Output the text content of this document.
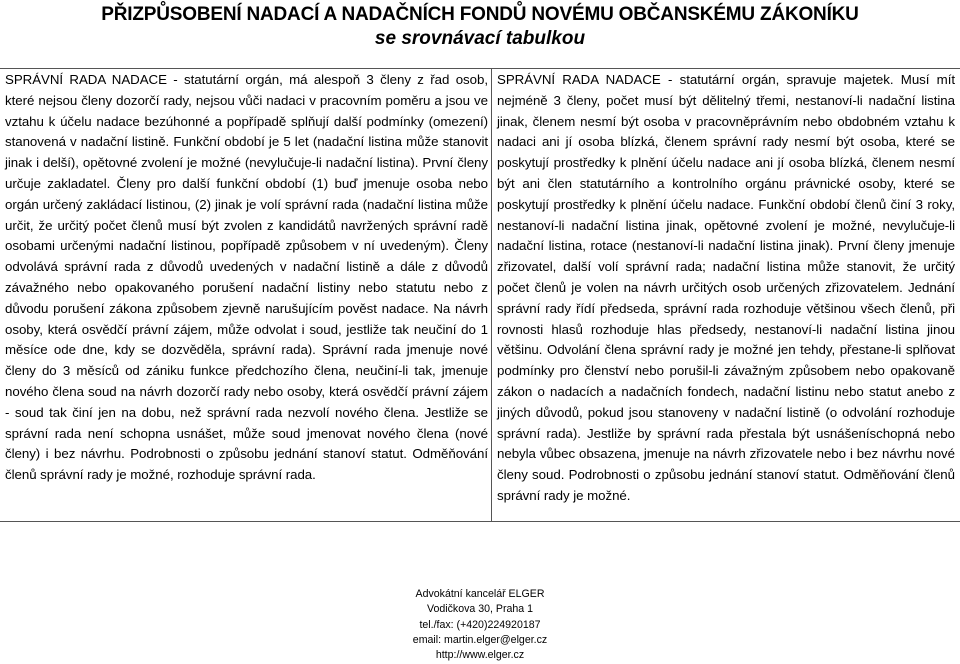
PŘIZPŮSOBENÍ NADACÍ A NADAČNÍCH FONDŮ NOVÉMU OBČANSKÉMU ZÁKONÍKU
se srovnávací tabulkou

SPRÁVNÍ RADA NADACE - statutární orgán, má alespoň 3 členy z řad osob, které nejsou členy dozorčí rady, nejsou vůči nadaci v pracovním poměru a jsou ve vztahu k účelu nadace bezúhonné a popřípadě splňují další podmínky (omezení) stanovená v nadační listině. Funkční období je 5 let (nadační listina může stanovit jinak i delší), opětovné zvolení je možné (nevylučuje-li nadační listina). První členy určuje zakladatel. Členy pro další funkční období (1) buď jmenuje osoba nebo orgán určený zakládací listinou, (2) jinak je volí správní rada (nadační listina může určit, že určitý počet členů musí být zvolen z kandidátů navržených správní radě osobami určenými nadační listinou, popřípadě způsobem v ní uvedeným). Členy odvolává správní rada z důvodů uvedených v nadační listině a dále z důvodů závažného nebo opakovaného porušení nadační listiny nebo statutu nebo z důvodu porušení zákona způsobem zjevně narušujícím pověst nadace. Na návrh osoby, která osvědčí právní zájem, může odvolat i soud, jestliže tak neučiní do 1 měsíce ode dne, kdy se dozvěděla, správní rada). Správní rada jmenuje nové členy do 3 měsíců od zániku funkce předchozího člena, neučiní-li tak, jmenuje nového člena soud na návrh dozorčí rady nebo osoby, která osvědčí právní zájem - soud tak činí jen na dobu, než správní rada nezvolí nového člena. Jestliže se správní rada není schopna usnášet, může soud jmenovat nového člena (nové členy) i bez návrhu. Podrobnosti o způsobu jednání stanoví statut. Odměňování členů správní rady je možné, rozhoduje správní rada.

SPRÁVNÍ RADA NADACE - statutární orgán, spravuje majetek. Musí mít nejméně 3 členy, počet musí být dělitelný třemi, nestanoví-li nadační listina jinak, členem nesmí být osoba v pracovněprávním nebo obdobném vztahu k nadaci ani jí osoba blízká, členem správní rady nesmí být osoba, které se poskytují prostředky k plnění účelu nadace ani jí osoba blízká, členem nesmí být ani člen statutárního a kontrolního orgánu právnické osoby, které se poskytují prostředky k plnění účelu nadace. Funkční období členů činí 3 roky, nestanoví-li nadační listina jinak, opětovné zvolení je možné, nevylučuje-li nadační listina, rotace (nestanoví-li nadační listina jinak). První členy jmenuje zřizovatel, další volí správní rada; nadační listina může stanovit, že určitý počet členů je volen na návrh určitých osob určených zřizovatelem. Jednání správní rady řídí předseda, správní rada rozhoduje většinou všech členů, při rovnosti hlasů rozhoduje hlas předsedy, nestanoví-li nadační listina jinou většinu. Odvolání člena správní rady je možné jen tehdy, přestane-li splňovat podmínky pro členství nebo porušil-li závažným způsobem nebo opakovaně zákon o nadacích a nadačních fondech, nadační listinu nebo statut anebo z jiných důvodů, pokud jsou stanoveny v nadační listině (o odvolání rozhoduje správní rada). Jestliže by správní rada přestala být usnášeníschopná nebo nebyla vůbec obsazena, jmenuje na návrh zřizovatele nebo i bez návrhu nové členy soud. Podrobnosti o způsobu jednání stanoví statut. Odměňování členů správní rady je možné.

Advokátní kancelář ELGER
Vodičkova 30, Praha 1
tel./fax: (+420)224920187
email: martin.elger@elger.cz
http://www.elger.cz
